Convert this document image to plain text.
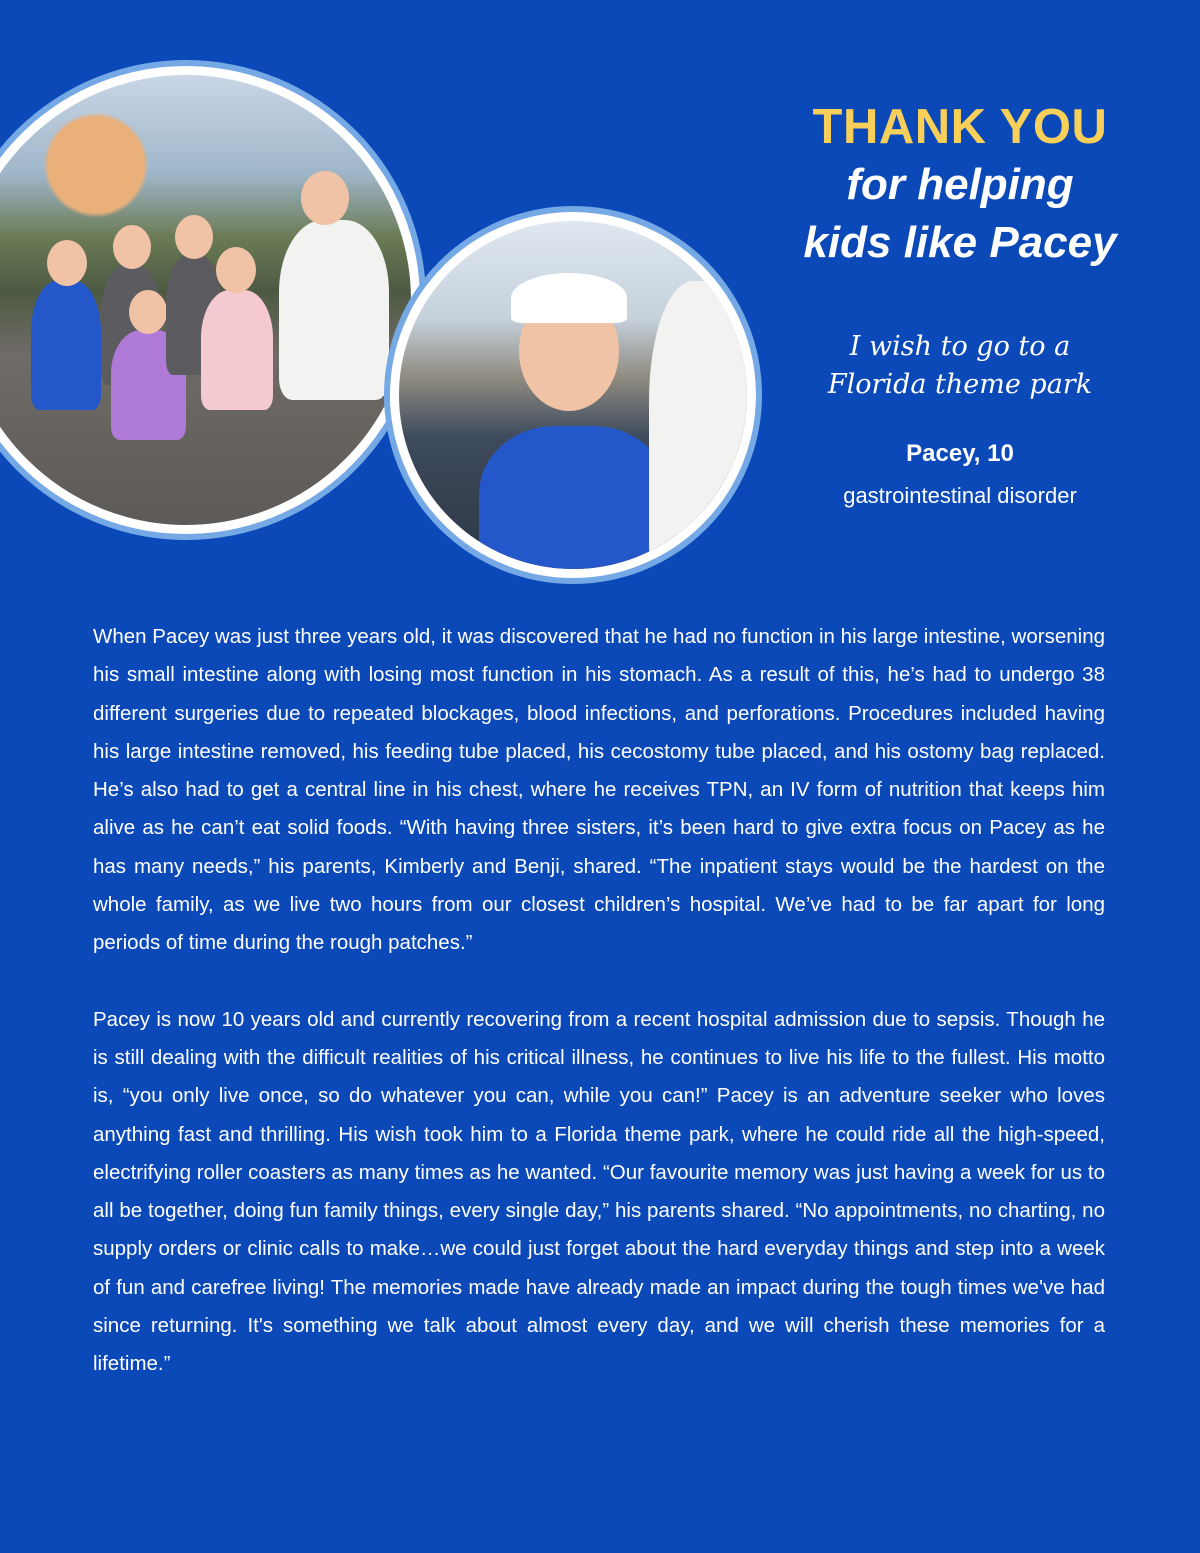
THANK YOU
for helping
kids like Pacey
I wish to go to a
Florida theme park
Pacey, 10
gastrointestinal disorder

When Pacey was just three years old, it was discovered that he had no function in his large intestine, worsening his small intestine along with losing most function in his stomach. As a result of this, he’s had to undergo 38 different surgeries due to repeated blockages, blood infections, and perforations. Procedures included having his large intestine removed, his feeding tube placed, his cecostomy tube placed, and his ostomy bag replaced. He’s also had to get a central line in his chest, where he receives TPN, an IV form of nutrition that keeps him alive as he can’t eat solid foods. “With having three sisters, it’s been hard to give extra focus on Pacey as he has many needs,” his parents, Kimberly and Benji, shared. “The inpatient stays would be the hardest on the whole family, as we live two hours from our closest children’s hospital. We’ve had to be far apart for long periods of time during the rough patches.”

Pacey is now 10 years old and currently recovering from a recent hospital admission due to sepsis. Though he is still dealing with the difficult realities of his critical illness, he continues to live his life to the fullest. His motto is, “you only live once, so do whatever you can, while you can!” Pacey is an adventure seeker who loves anything fast and thrilling. His wish took him to a Florida theme park, where he could ride all the high-speed, electrifying roller coasters as many times as he wanted. “Our favourite memory was just having a week for us to all be together, doing fun family things, every single day,” his parents shared. “No appointments, no charting, no supply orders or clinic calls to make…we could just forget about the hard everyday things and step into a week of fun and carefree living! The memories made have already made an impact during the tough times we've had since returning. It's something we talk about almost every day, and we will cherish these memories for a lifetime.”
